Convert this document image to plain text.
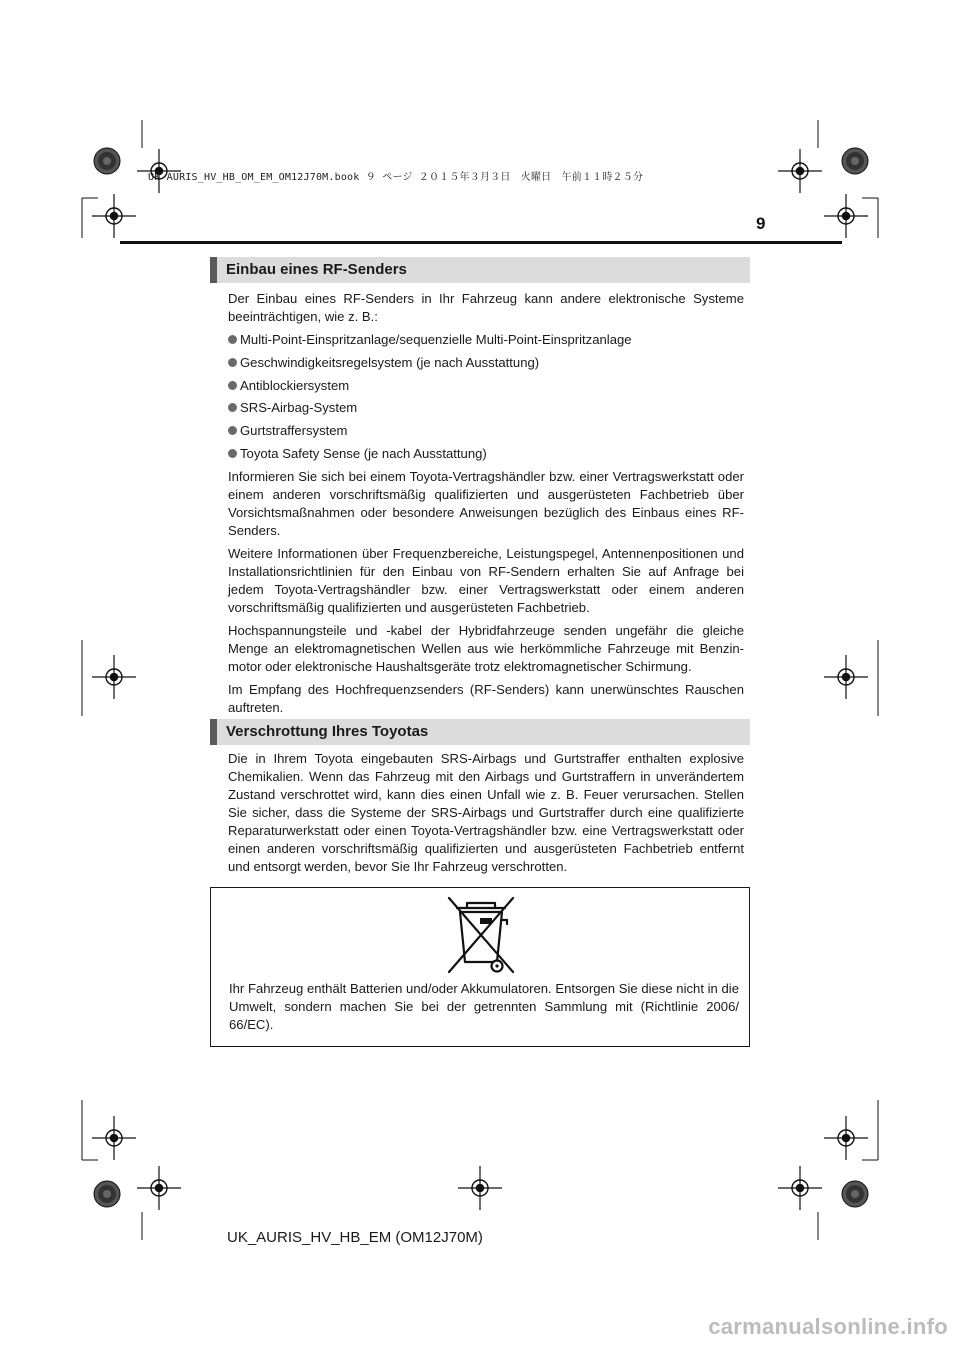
UK AURIS_HV_HB_OM_EM_OM12J70M.book ９ ページ ２０１５年３月３日　火曜日　午前１１時２５分
9
Einbau eines RF-Senders

Der Einbau eines RF-Senders in Ihr Fahrzeug kann andere elektronische Systeme beeinträchtigen, wie z. B.:

Multi-Point-Einspritzanlage/sequenzielle Multi-Point-Einspritzanlage
Geschwindigkeitsregelsystem (je nach Ausstattung)
Antiblockiersystem
SRS-Airbag-System
Gurtstraffersystem
Toyota Safety Sense (je nach Ausstattung)

Informieren Sie sich bei einem Toyota-Vertragshändler bzw. einer Vertragswerkstatt oder einem anderen vorschriftsmäßig qualifizierten und ausgerüsteten Fachbetrieb über Vorsichtsmaßnahmen oder besondere Anweisungen bezüglich des Einbaus eines RF-Senders.

Weitere Informationen über Frequenzbereiche, Leistungspegel, Antennenpositionen und Installationsrichtlinien für den Einbau von RF-Sendern erhalten Sie auf Anfrage bei jedem Toyota-Vertragshändler bzw. einer Vertragswerkstatt oder einem anderen vorschriftsmäßig qualifizierten und ausgerüsteten Fachbetrieb.

Hochspannungsteile und -kabel der Hybridfahrzeuge senden ungefähr die gleiche Menge an elektromagnetischen Wellen aus wie herkömmliche Fahrzeuge mit Benzin-motor oder elektronische Haushaltsgeräte trotz elektromagnetischer Schirmung.

Im Empfang des Hochfrequenzsenders (RF-Senders) kann unerwünschtes Rauschen auftreten.

Verschrottung Ihres Toyotas

Die in Ihrem Toyota eingebauten SRS-Airbags und Gurtstraffer enthalten explosive Chemikalien. Wenn das Fahrzeug mit den Airbags und Gurtstraffern in unverändertem Zustand verschrottet wird, kann dies einen Unfall wie z. B. Feuer verursachen. Stellen Sie sicher, dass die Systeme der SRS-Airbags und Gurtstraffer durch eine qualifizierte Reparaturwerkstatt oder einen Toyota-Vertragshändler bzw. eine Vertragswerkstatt oder einen anderen vorschriftsmäßig qualifizierten und ausgerüsteten Fachbetrieb entfernt und entsorgt werden, bevor Sie Ihr Fahrzeug verschrotten.

Ihr Fahrzeug enthält Batterien und/oder Akkumulatoren. Entsorgen Sie diese nicht in die Umwelt, sondern machen Sie bei der getrennten Sammlung mit (Richtlinie 2006/ 66/EC).
UK_AURIS_HV_HB_EM (OM12J70M)
carmanualsonline.info
